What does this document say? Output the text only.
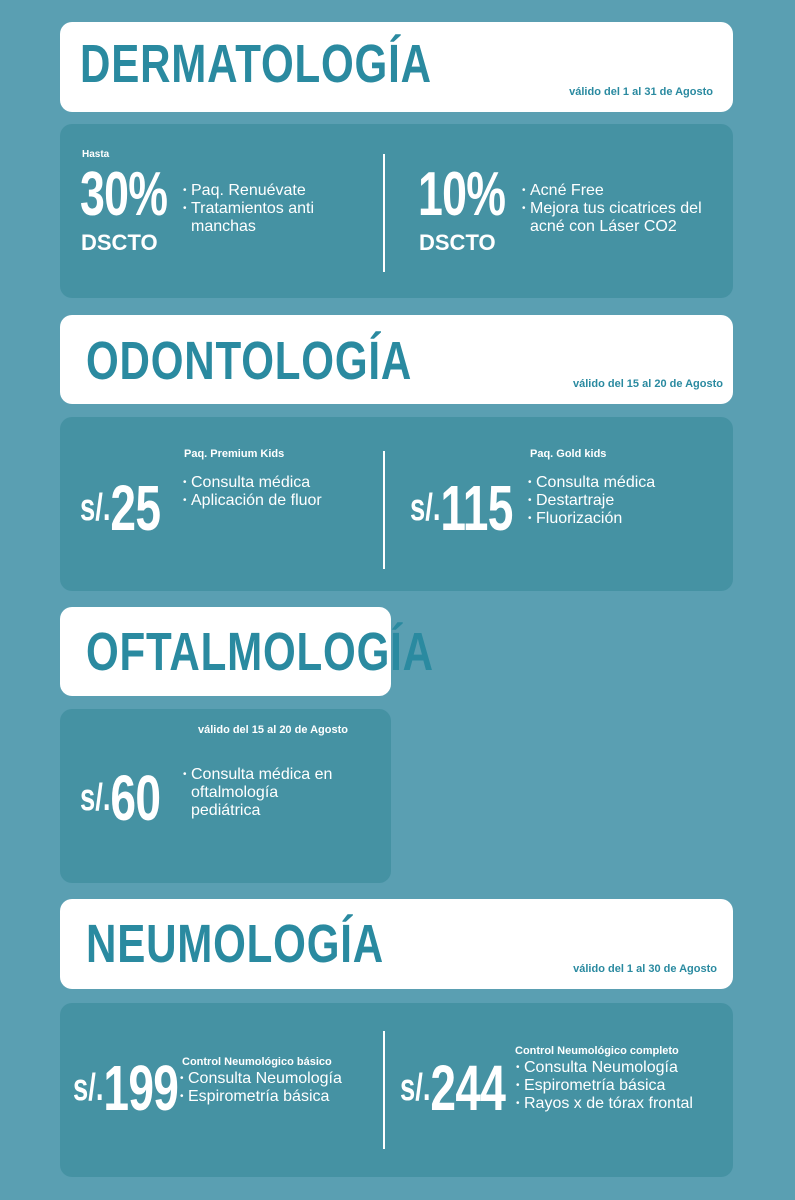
DERMATOLOGÍA	válido del 1 al 31 de Agosto
Hasta
30%
DSCTO
• Paq. Renuévate
• Tratamientos anti manchas	10%
DSCTO
• Acné Free
• Mejora tus cicatrices del acné con Láser CO2
ODONTOLOGÍA	válido del 15 al 20 de Agosto
Paq. Premium Kids
s/.25	• Consulta médica
• Aplicación de fluor
Paq. Gold kids
s/.115	• Consulta médica
• Destartraje
• Fluorización
OFTALMOLOGÍA
válido del 15 al 20 de Agosto
s/.60	• Consulta médica en oftalmología pediátrica
NEUMOLOGÍA	válido del 1 al 30 de Agosto
Control Neumológico básico
s/.199 • Consulta Neumología
• Espirometría básica
Control Neumológico completo
s/.244	• Consulta Neumología
• Espirometría básica
• Rayos x de tórax frontal
